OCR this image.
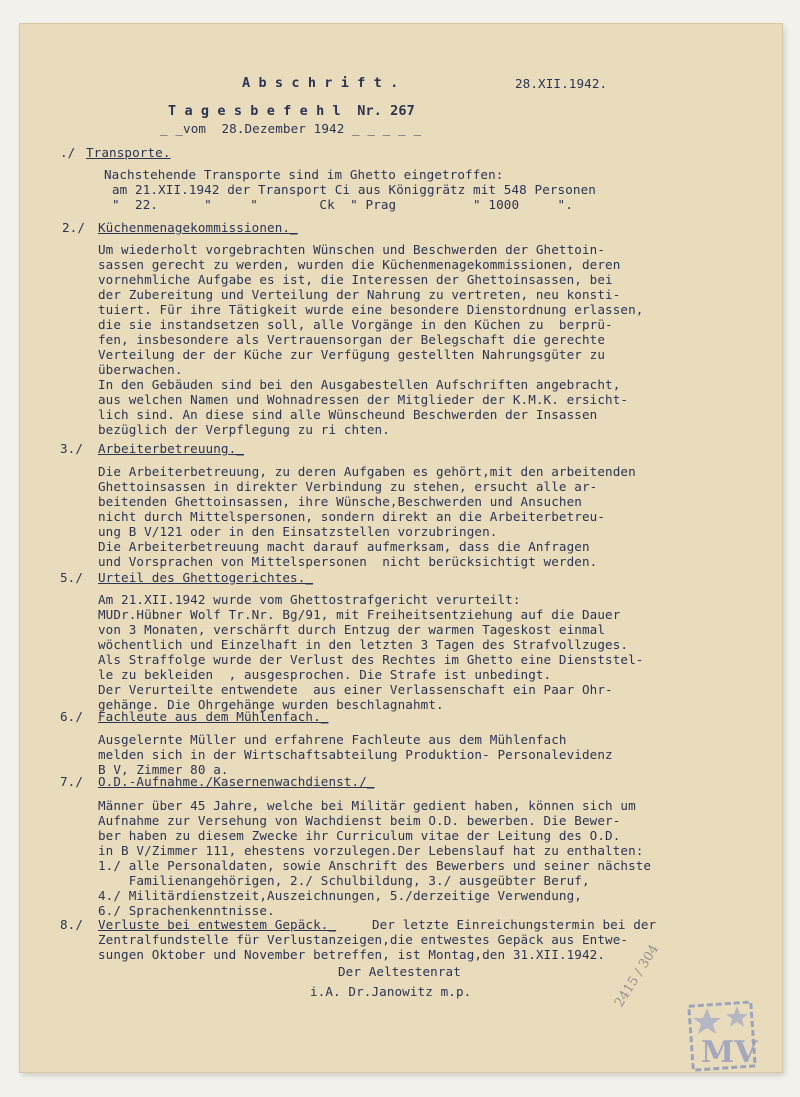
A b s c h r i f t .	28.XII.1942.
T a g e s b e f e h l  Nr. 267
_ _vom  28.Dezember 1942 _ _ _ _ _
./ Transporte.
Nachstehende Transporte sind im Ghetto eingetroffen:
am 21.XII.1942 der Transport Ci aus Königgrätz mit 548 Personen
"  22.      "     "        Ck  " Prag          " 1000     ".
2./ Küchenmenagekommissionen._
Um wiederholt vorgebrachten Wünschen und Beschwerden der Ghettoin-
sassen gerecht zu werden, wurden die Küchenmenagekommissionen, deren
vornehmliche Aufgabe es ist, die Interessen der Ghettoinsassen, bei
der Zubereitung und Verteilung der Nahrung zu vertreten, neu konsti-
tuiert. Für ihre Tätigkeit wurde eine besondere Dienstordnung erlassen,
die sie instandsetzen soll, alle Vorgänge in den Küchen zu  berprü-
fen, insbesondere als Vertrauensorgan der Belegschaft die gerechte
Verteilung der der Küche zur Verfügung gestellten Nahrungsgüter zu
überwachen.
In den Gebäuden sind bei den Ausgabestellen Aufschriften angebracht,
aus welchen Namen und Wohnadressen der Mitglieder der K.M.K. ersicht-
lich sind. An diese sind alle Wünscheund Beschwerden der Insassen
bezüglich der Verpflegung zu ri chten.
3./ Arbeiterbetreuung._
Die Arbeiterbetreuung, zu deren Aufgaben es gehört,mit den arbeitenden
Ghettoinsassen in direkter Verbindung zu stehen, ersucht alle ar-
beitenden Ghettoinsassen, ihre Wünsche,Beschwerden und Ansuchen
nicht durch Mittelspersonen, sondern direkt an die Arbeiterbetreu-
ung B V/121 oder in den Einsatzstellen vorzubringen.
Die Arbeiterbetreuung macht darauf aufmerksam, dass die Anfragen
und Vorsprachen von Mittelspersonen  nicht berücksichtigt werden.
5./ Urteil des Ghettogerichtes._
Am 21.XII.1942 wurde vom Ghettostrafgericht verurteilt:
MUDr.Hübner Wolf Tr.Nr. Bg/91, mit Freiheitsentziehung auf die Dauer
von 3 Monaten, verschärft durch Entzug der warmen Tageskost einmal
wöchentlich und Einzelhaft in den letzten 3 Tagen des Strafvollzuges.
Als Straffolge wurde der Verlust des Rechtes im Ghetto eine Dienststel-
le zu bekleiden  , ausgesprochen. Die Strafe ist unbedingt.
Der Verurteilte entwendete  aus einer Verlassenschaft ein Paar Ohr-
gehänge. Die Ohrgehänge wurden beschlagnahmt.
6./ Fachleute aus dem Mühlenfach._
Ausgelernte Müller und erfahrene Fachleute aus dem Mühlenfach
melden sich in der Wirtschaftsabteilung Produktion- Personalevidenz
B V, Zimmer 80 a.
7./ O.D.-Aufnahme./Kasernenwachdienst./_
Männer über 45 Jahre, welche bei Militär gedient haben, können sich um
Aufnahme zur Versehung von Wachdienst beim O.D. bewerben. Die Bewer-
ber haben zu diesem Zwecke ihr Curriculum vitae der Leitung des O.D.
in B V/Zimmer 111, ehestens vorzulegen.Der Lebenslauf hat zu enthalten:
1./ alle Personaldaten, sowie Anschrift des Bewerbers und seiner nächste
Familienangehörigen, 2./ Schulbildung, 3./ ausgeübter Beruf,
4./ Militärdienstzeit,Auszeichnungen, 5./derzeitige Verwendung,
6./ Sprachenkenntnisse.
8./ Verluste bei entwestem Gepäck._	Der letzte Einreichungstermin bei der
Zentralfundstelle für Verlustanzeigen,die entwestes Gepäck aus Entwe-
sungen Oktober und November betreffen, ist Montag,den 31.XII.1942.
Der Aeltestenrat
i.A. Dr.Janowitz m.p.	2415 / 304
MV
